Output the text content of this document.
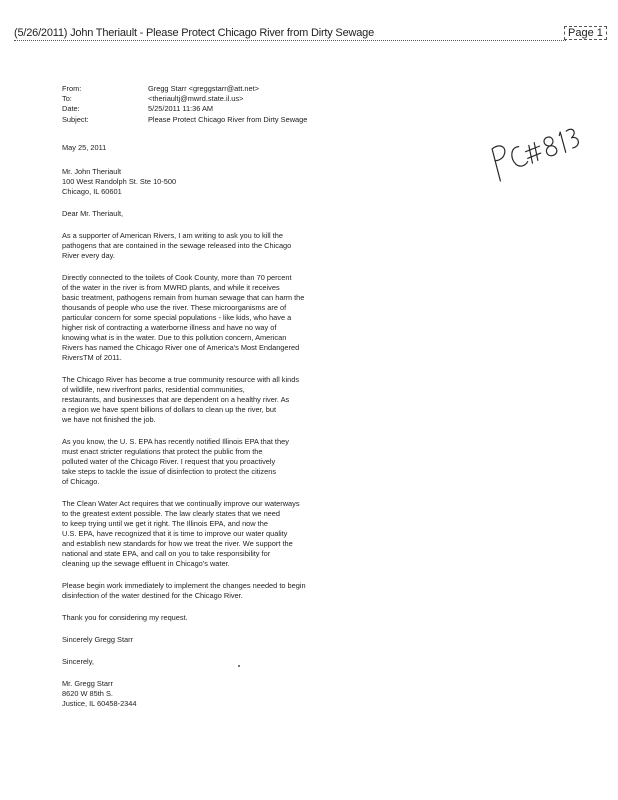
(5/26/2011) John Theriault - Please Protect Chicago River from Dirty Sewage	Page 1
From:	Gregg Starr <greggstarr@att.net>
To:	<theriaultj@mwrd.state.il.us>
Date:	5/25/2011 11:36 AM
Subject:	Please Protect Chicago River from Dirty Sewage

May 25, 2011

Mr. John Theriault

100 West Randolph St. Ste 10-500

Chicago, IL 60601

Dear Mr. Theriault,

As a supporter of American Rivers, I am writing to ask you to kill the

pathogens that are contained in the sewage released into the Chicago

River every day.

Directly connected to the toilets of Cook County, more than 70 percent

of the water in the river is from MWRD plants, and while it receives

basic treatment, pathogens remain from human sewage that can harm the

thousands of people who use the river. These microorganisms are of

particular concern for some special populations - like kids, who have a

higher risk of contracting a waterborne illness and have no way of

knowing what is in the water. Due to this pollution concern, American

Rivers has named the Chicago River one of America's Most Endangered

RiversTM of 2011.

The Chicago River has become a true community resource with all kinds

of wildlife, new riverfront parks, residential communities,

restaurants, and businesses that are dependent on a healthy river. As

a region we have spent billions of dollars to clean up the river, but

we have not finished the job.

As you know, the U. S. EPA has recently notified Illinois EPA that they

must enact stricter regulations that protect the public from the

polluted water of the Chicago River. I request that you proactively

take steps to tackle the issue of disinfection to protect the citizens

of Chicago.

The Clean Water Act requires that we continually improve our waterways

to the greatest extent possible. The law clearly states that we need

to keep trying until we get it right. The Illinois EPA, and now the

U.S. EPA, have recognized that it is time to improve our water quality

and establish new standards for how we treat the river. We support the

national and state EPA, and call on you to take responsibility for

cleaning up the sewage effluent in Chicago's water.

Please begin work immediately to implement the changes needed to begin

disinfection of the water destined for the Chicago River.

Thank you for considering my request.

Sincerely Gregg Starr

Sincerely,

Mr. Gregg Starr

8620 W 85th S.

Justice, IL 60458-2344
